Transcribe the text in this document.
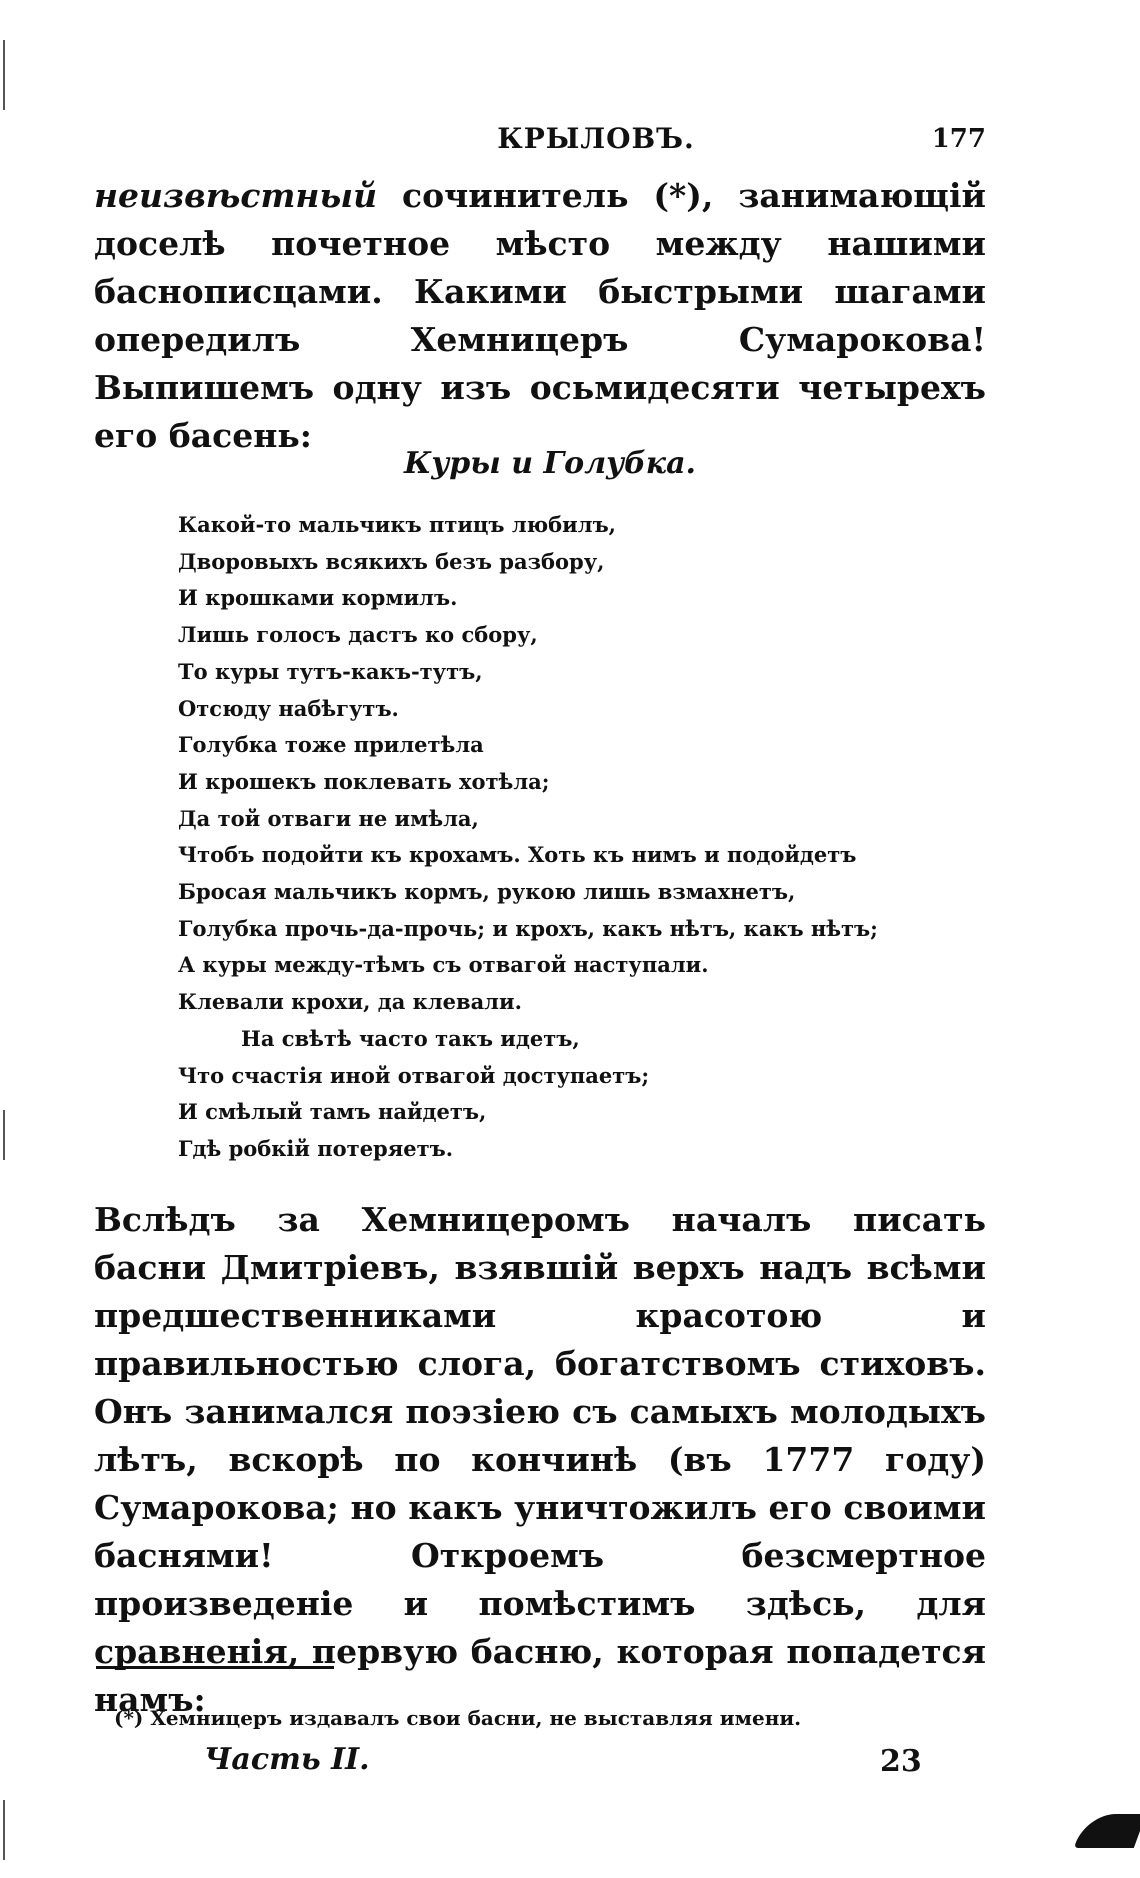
КРЫЛОВЪ.	177

неизвѣстный сочинитель (*), занимающій доселѣ почетное мѣсто между нашими баснописцами. Какими быстрыми шагами опередилъ Хемницеръ Сумарокова! Выпишемъ одну изъ осьмидесяти четырехъ его басень:

Куры и Голубка.
Какой-то мальчикъ птицъ любилъ,
Дворовыхъ всякихъ безъ разбору,
И крошками кормилъ.
Лишь голосъ дастъ ко сбору,
То куры тутъ-какъ-тутъ,
Отсюду набѣгутъ.
Голубка тоже прилетѣла
И крошекъ поклевать хотѣла;
Да той отваги не имѣла,
Чтобъ подойти къ крохамъ. Хоть къ нимъ и подойдетъ
Бросая мальчикъ кормъ, рукою лишь взмахнетъ,
Голубка прочь-да-прочь; и крохъ, какъ нѣтъ, какъ нѣтъ;
А куры между-тѣмъ съ отвагой наступали.
Клевали крохи, да клевали.
На свѣтѣ часто такъ идетъ,
Что счастія иной отвагой доступаетъ;
И смѣлый тамъ найдетъ,
Гдѣ робкій потеряетъ.

Вслѣдъ за Хемницеромъ началъ писать басни Дмитріевъ, взявшій верхъ надъ всѣми предшественниками красотою и правильностью слога, богатствомъ стиховъ. Онъ занимался поэзіею съ самыхъ молодыхъ лѣтъ, вскорѣ по кончинѣ (въ 1777 году) Сумарокова; но какъ уничтожилъ его своими баснями! Откроемъ безсмертное произведеніе и помѣстимъ здѣсь, для сравненія, первую басню, которая попадется намъ:

(*) Хемницеръ издавалъ свои басни, не выставляя имени.
Часть II.	23
